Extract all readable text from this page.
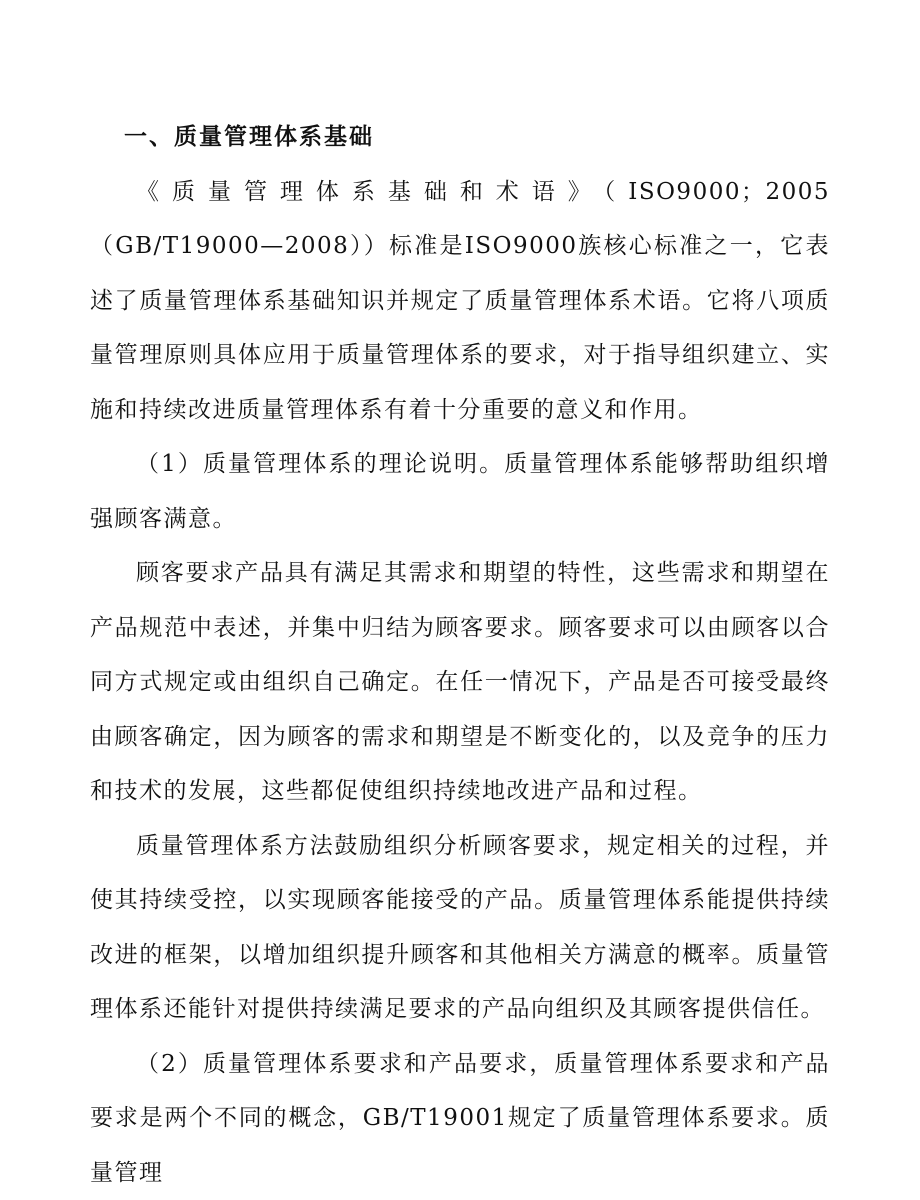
一、质量管理体系基础

《质量管理体系基础和术语》（ISO9000；2005（GB/T19000—2008））标准是ISO9000族核心标准之一，它表述了质量管理体系基础知识并规定了质量管理体系术语。它将八项质量管理原则具体应用于质量管理体系的要求，对于指导组织建立、实施和持续改进质量管理体系有着十分重要的意义和作用。

（1）质量管理体系的理论说明。质量管理体系能够帮助组织增强顾客满意。

顾客要求产品具有满足其需求和期望的特性，这些需求和期望在产品规范中表述，并集中归结为顾客要求。顾客要求可以由顾客以合同方式规定或由组织自己确定。在任一情况下，产品是否可接受最终由顾客确定，因为顾客的需求和期望是不断变化的，以及竞争的压力和技术的发展，这些都促使组织持续地改进产品和过程。

质量管理体系方法鼓励组织分析顾客要求，规定相关的过程，并使其持续受控，以实现顾客能接受的产品。质量管理体系能提供持续改进的框架，以增加组织提升顾客和其他相关方满意的概率。质量管理体系还能针对提供持续满足要求的产品向组织及其顾客提供信任。

（2）质量管理体系要求和产品要求，质量管理体系要求和产品要求是两个不同的概念，GB/T19001规定了质量管理体系要求。质量管理
